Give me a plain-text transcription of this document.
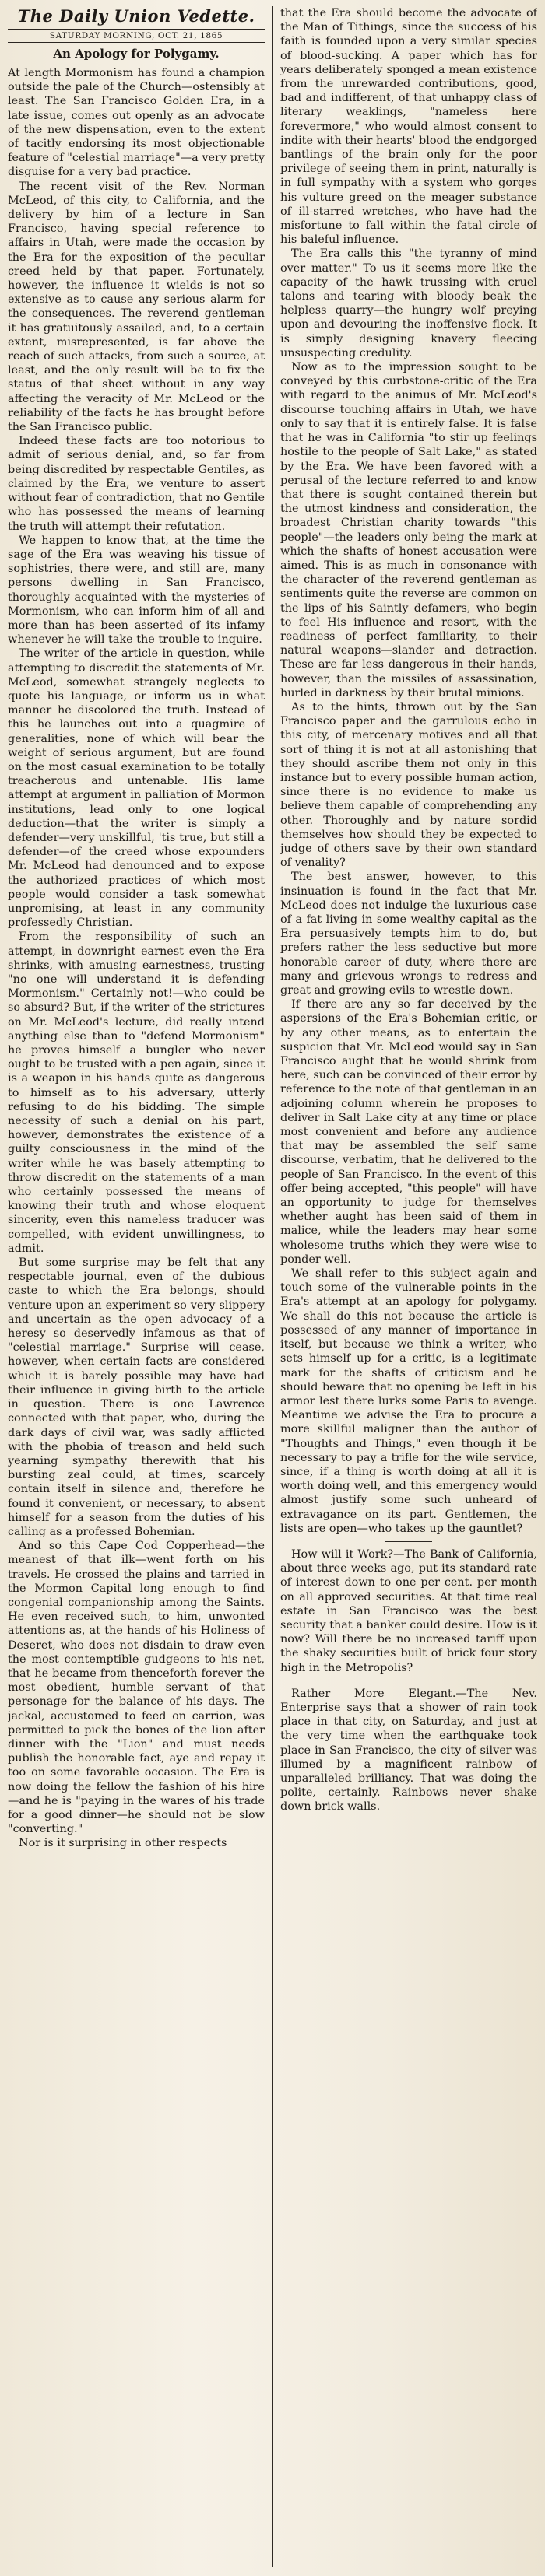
The Daily Union Vedette.
SATURDAY MORNING, OCT. 21, 1865
An Apology for Polygamy.

At length Mormonism has found a champion outside the pale of the Church—ostensibly at least. The San Francisco Golden Era, in a late issue, comes out openly as an advocate of the new dispensation, even to the extent of tacitly endorsing its most objectionable feature of "celestial marriage"—a very pretty disguise for a very bad practice.

The recent visit of the Rev. Norman McLeod, of this city, to California, and the delivery by him of a lecture in San Francisco, having special reference to affairs in Utah, were made the occasion by the Era for the exposition of the peculiar creed held by that paper. Fortunately, however, the influence it wields is not so extensive as to cause any serious alarm for the consequences. The reverend gentleman it has gratuitously assailed, and, to a certain extent, misrepresented, is far above the reach of such attacks, from such a source, at least, and the only result will be to fix the status of that sheet without in any way affecting the veracity of Mr. McLeod or the reliability of the facts he has brought before the San Francisco public.

Indeed these facts are too notorious to admit of serious denial, and, so far from being discredited by respectable Gentiles, as claimed by the Era, we venture to assert without fear of contradiction, that no Gentile who has possessed the means of learning the truth will attempt their refutation.

We happen to know that, at the time the sage of the Era was weaving his tissue of sophistries, there were, and still are, many persons dwelling in San Francisco, thoroughly acquainted with the mysteries of Mormonism, who can inform him of all and more than has been asserted of its infamy whenever he will take the trouble to inquire.

The writer of the article in question, while attempting to discredit the statements of Mr. McLeod, somewhat strangely neglects to quote his language, or inform us in what manner he discolored the truth. Instead of this he launches out into a quagmire of generalities, none of which will bear the weight of serious argument, but are found on the most casual examination to be totally treacherous and untenable. His lame attempt at argument in palliation of Mormon institutions, lead only to one logical deduction—that the writer is simply a defender—very unskillful, 'tis true, but still a defender—of the creed whose expounders Mr. McLeod had denounced and to expose the authorized practices of which most people would consider a task somewhat unpromising, at least in any community professedly Christian.

From the responsibility of such an attempt, in downright earnest even the Era shrinks, with amusing earnestness, trusting "no one will understand it is defending Mormonism." Certainly not!—who could be so absurd? But, if the writer of the strictures on Mr. McLeod's lecture, did really intend anything else than to "defend Mormonism" he proves himself a bungler who never ought to be trusted with a pen again, since it is a weapon in his hands quite as dangerous to himself as to his adversary, utterly refusing to do his bidding. The simple necessity of such a denial on his part, however, demonstrates the existence of a guilty consciousness in the mind of the writer while he was basely attempting to throw discredit on the statements of a man who certainly possessed the means of knowing their truth and whose eloquent sincerity, even this nameless traducer was compelled, with evident unwillingness, to admit.

But some surprise may be felt that any respectable journal, even of the dubious caste to which the Era belongs, should venture upon an experiment so very slippery and uncertain as the open advocacy of a heresy so deservedly infamous as that of "celestial marriage." Surprise will cease, however, when certain facts are considered which it is barely possible may have had their influence in giving birth to the article in question. There is one Lawrence connected with that paper, who, during the dark days of civil war, was sadly afflicted with the phobia of treason and held such yearning sympathy therewith that his bursting zeal could, at times, scarcely contain itself in silence and, therefore he found it convenient, or necessary, to absent himself for a season from the duties of his calling as a professed Bohemian.

And so this Cape Cod Copperhead—the meanest of that ilk—went forth on his travels. He crossed the plains and tarried in the Mormon Capital long enough to find congenial companionship among the Saints. He even received such, to him, unwonted attentions as, at the hands of his Holiness of Deseret, who does not disdain to draw even the most contemptible gudgeons to his net, that he became from thenceforth forever the most obedient, humble servant of that personage for the balance of his days. The jackal, accustomed to feed on carrion, was permitted to pick the bones of the lion after dinner with the "Lion" and must needs publish the honorable fact, aye and repay it too on some favorable occasion. The Era is now doing the fellow the fashion of his hire—and he is "paying in the wares of his trade for a good dinner—he should not be slow "converting."

Nor is it surprising in other respects

that the Era should become the advocate of the Man of Tithings, since the success of his faith is founded upon a very similar species of blood-sucking. A paper which has for years deliberately sponged a mean existence from the unrewarded contributions, good, bad and indifferent, of that unhappy class of literary weaklings, "nameless here forevermore," who would almost consent to indite with their hearts' blood the endgorged bantlings of the brain only for the poor privilege of seeing them in print, naturally is in full sympathy with a system who gorges his vulture greed on the meager substance of ill-starred wretches, who have had the misfortune to fall within the fatal circle of his baleful influence.

The Era calls this "the tyranny of mind over matter." To us it seems more like the capacity of the hawk trussing with cruel talons and tearing with bloody beak the helpless quarry—the hungry wolf preying upon and devouring the inoffensive flock. It is simply designing knavery fleecing unsuspecting credulity.

Now as to the impression sought to be conveyed by this curbstone-critic of the Era with regard to the animus of Mr. McLeod's discourse touching affairs in Utah, we have only to say that it is entirely false. It is false that he was in California "to stir up feelings hostile to the people of Salt Lake," as stated by the Era. We have been favored with a perusal of the lecture referred to and know that there is sought contained therein but the utmost kindness and consideration, the broadest Christian charity towards "this people"—the leaders only being the mark at which the shafts of honest accusation were aimed. This is as much in consonance with the character of the reverend gentleman as sentiments quite the reverse are common on the lips of his Saintly defamers, who begin to feel His influence and resort, with the readiness of perfect familiarity, to their natural weapons—slander and detraction. These are far less dangerous in their hands, however, than the missiles of assassination, hurled in darkness by their brutal minions.

As to the hints, thrown out by the San Francisco paper and the garrulous echo in this city, of mercenary motives and all that sort of thing it is not at all astonishing that they should ascribe them not only in this instance but to every possible human action, since there is no evidence to make us believe them capable of comprehending any other. Thoroughly and by nature sordid themselves how should they be expected to judge of others save by their own standard of venality?

The best answer, however, to this insinuation is found in the fact that Mr. McLeod does not indulge the luxurious case of a fat living in some wealthy capital as the Era persuasively tempts him to do, but prefers rather the less seductive but more honorable career of duty, where there are many and grievous wrongs to redress and great and growing evils to wrestle down.

If there are any so far deceived by the aspersions of the Era's Bohemian critic, or by any other means, as to entertain the suspicion that Mr. McLeod would say in San Francisco aught that he would shrink from here, such can be convinced of their error by reference to the note of that gentleman in an adjoining column wherein he proposes to deliver in Salt Lake city at any time or place most convenient and before any audience that may be assembled the self same discourse, verbatim, that he delivered to the people of San Francisco. In the event of this offer being accepted, "this people" will have an opportunity to judge for themselves whether aught has been said of them in malice, while the leaders may hear some wholesome truths which they were wise to ponder well.

We shall refer to this subject again and touch some of the vulnerable points in the Era's attempt at an apology for polygamy. We shall do this not because the article is possessed of any manner of importance in itself, but because we think a writer, who sets himself up for a critic, is a legitimate mark for the shafts of criticism and he should beware that no opening be left in his armor lest there lurks some Paris to avenge. Meantime we advise the Era to procure a more skillful maligner than the author of "Thoughts and Things," even though it be necessary to pay a trifle for the wile service, since, if a thing is worth doing at all it is worth doing well, and this emergency would almost justify some such unheard of extravagance on its part. Gentlemen, the lists are open—who takes up the gauntlet?

How will it Work?—The Bank of California, about three weeks ago, put its standard rate of interest down to one per cent. per month on all approved securities. At that time real estate in San Francisco was the best security that a banker could desire. How is it now? Will there be no increased tariff upon the shaky securities built of brick four story high in the Metropolis?

Rather More Elegant.—The Nev. Enterprise says that a shower of rain took place in that city, on Saturday, and just at the very time when the earthquake took place in San Francisco, the city of silver was illumed by a magnificent rainbow of unparalleled brilliancy. That was doing the polite, certainly. Rainbows never shake down brick walls.
